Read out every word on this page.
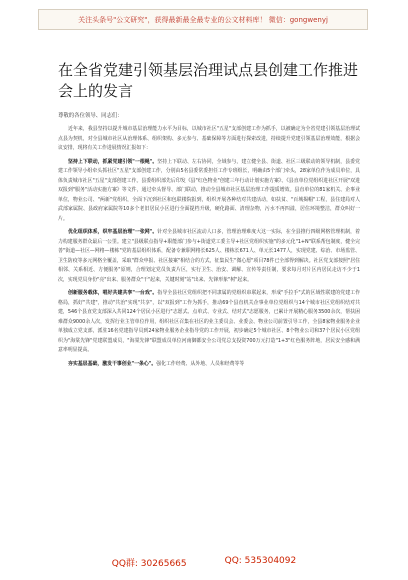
关注头条号"公文研究"，获得最新最全最专业的公文材料库！ 微信：gongwenyj
在全省党建引领基层治理试点县创建工作推进会上的发言
尊敬的各位领导、同志们：

近年来，我县坚持以提升城市基层治理能力水平为目标，以城市社区"五星"支部创建工作为抓手，以被确定为全省党建引领基层治理试点县为契机，对全县城市社区从治理体系、组织架构、多元参与、基础保障等方面进行探索改进，持续提升党建引领基层治理效能，根据会议安排，现将有关工作进展情况汇报如下：

坚持上下联动，抓紧党建引领"一根绳"。坚持上下联动、左右协同，全域参与，建立健全县、街道、社区三级联动的领导机制，县委党建工作领导小组牵头抓社区"五星"支部创建工作，分别由5名县委常委担任工作专班组长，明确由5个部门牵头，28家单位作为成员单位，具体负责城市社区"五星"支部创建工作。县委组织部先后印发《县"红色物业"创建三年行动计划实施方案》、《县直单位党组织进社区开展"双进双报到"服务"活动实施方案》等文件，通过牵头督导、部门联动，推动全县城市社区基层治理工作提质增效。县直单位的81家机关、企事业单位，物业公司、"两新"党组织，全面下沉到社区和包联楼院报到，组织开展各种结对共建活动，如扶贫、"百城揭帽"工程，县住建局对人武部家属院、县政府家属院等10多个老旧居民小区进行全面提档升级，硬化路面、清理杂物，污水不再四溢，居住环境整洁，群众叫好一片。

优化组织体系，织牢基层治理"一张网"。针对全县城市社区流动人口多，管理治理难度大这一实际，在全县推行四级网格管理机制，着力构建服务群众最后一公里。建立"县级联点指导+职能部门参与+街道党工委主导+社区党组织实施"的多元化"1+N"联系帮包制度，健全完善"街道—社区—网格—楼栋"党的基层组织体系，配备专兼职网格长625人、楼栋长671人、单元长1477人，实现党建、综治、市场监管、卫生防疫等多元网格全覆盖，采取"群众申报、社区接案"相结合的方式，征集民生"微心愿"项目78件已全部得到解决。社区党支部按照"居住相邻、关系相近、方便服务"原则，合理划定党员负责片区，实行卫生、治安、调解、宣传等责任制，要求每月对片区内居民走访不少于1次，实现党员身份"亮"出来、服务群众"干"起来，关键时刻"站"出来、先锋形象"树"起来。

创新服务载体，唱好共建共享"一台戏"。指导全县社区党组织把不同隶属的党组织串联起来，形成"手拉手"式的区域性联建的党建工作格局，抓好"共建"，推动"共治"实现"共享"，以"双报到"工作为抓手，推动69个县直机关企事业单位党组织与14个城市社区党组织结对共建，546个县直党支部深入共同124个居民小区进行"志愿式、点单式、专业式、结对式"志愿服务，已累计开展精心服务3500余次，帮扶困难群众9000余人次，发挥行业主管单位作用，组织社区召集在社区的业主委员会、业委会、物业公司前置引导工作，全县8家物业服务企业单独成立党支部，派驻16名党建指导员到24家物业服务企业指导党的工作开展，初步确定5个城市社区、8个物业公司和37个居民小区党组织为"海棠先锋"党建联盟成员，"海棠先锋"联盟成员单位河南御都安全公司党总支投资700万元打造"1+3"红色服务阵地，居民安全感和满意率明显提高。

夯实基层基础，激发干事创业"一条心"。强化工作经费、从外地、人员和经费等等

QQ群: 30265665	QQ: 535304092
